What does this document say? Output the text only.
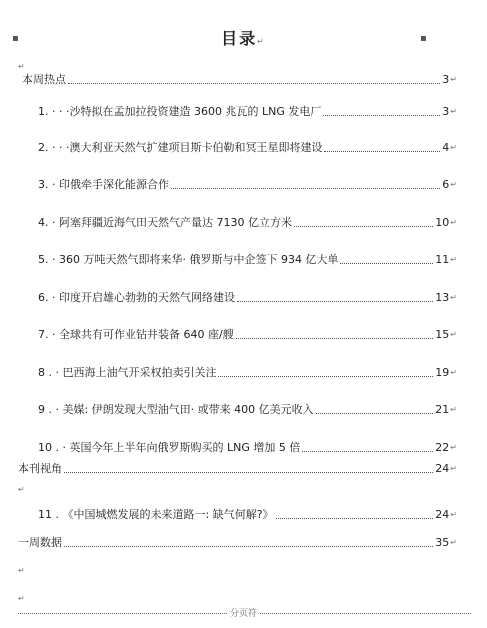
▪	▪
目录↵
↵
本周热点	3 ↵
1. · · ·沙特拟在孟加拉投资建造 3600 兆瓦的 LNG 发电厂	3 ↵
2. · · ·澳大利亚天然气扩建项目斯卡伯勒和冥王星即将建设	4 ↵
3. · 印俄牵手深化能源合作	6 ↵
4. · 阿塞拜疆近海气田天然气产量达 7130 亿立方米	10 ↵
5. · 360 万吨天然气即将来华· 俄罗斯与中企签下 934 亿大单	11 ↵
6. · 印度开启雄心勃勃的天然气网络建设	13 ↵
7. · 全球共有可作业钻井装备 640 座/艘	15 ↵
8 . · 巴西海上油气开采权拍卖引关注	19 ↵
9 . · 美媒: 伊朗发现大型油气田· 或带来 400 亿美元收入	21 ↵
10 . · 英国今年上半年向俄罗斯购买的 LNG 增加 5 倍	22 ↵
本刊视角	24 ↵
↵
11 . 《中国城燃发展的未来道路一: 缺气何解?》	24 ↵
一周数据	35 ↵
↵
↵
分页符
